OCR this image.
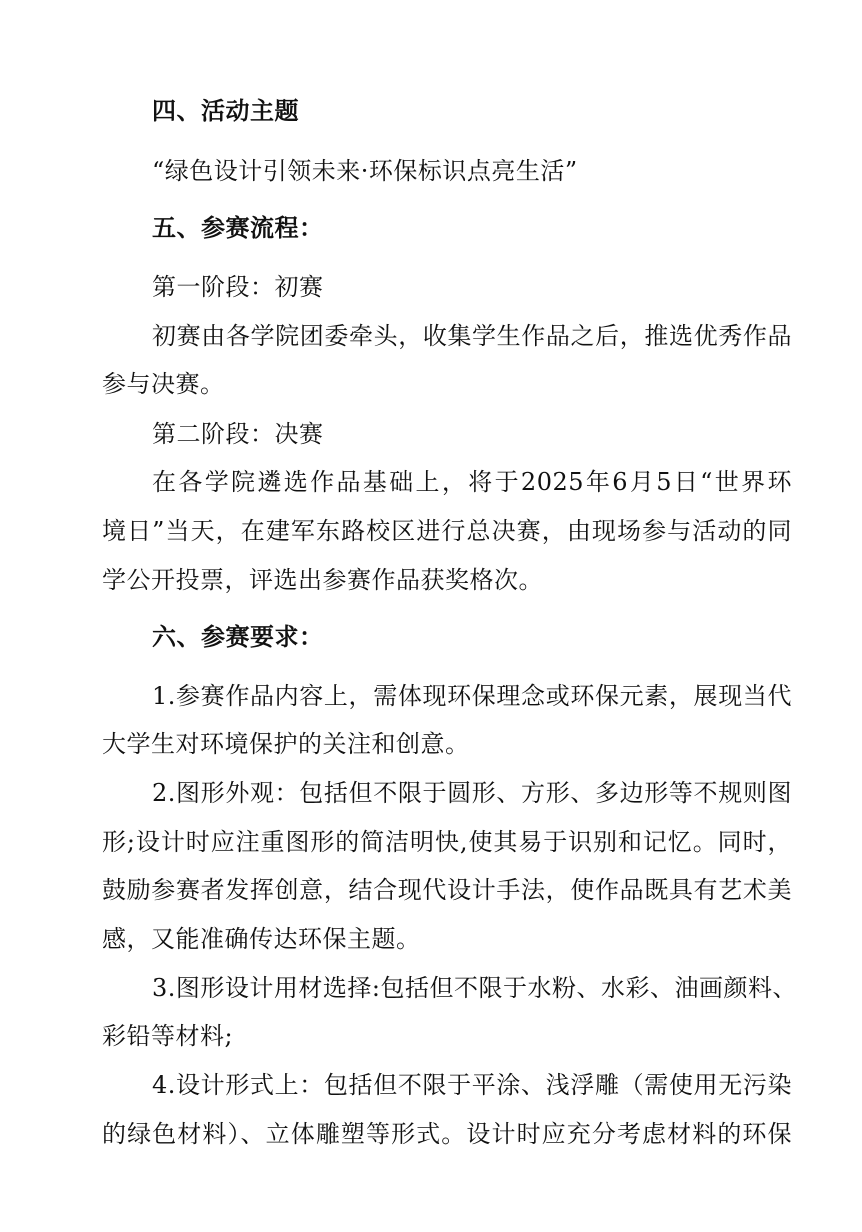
四、活动主题
“绿色设计引领未来·环保标识点亮生活”
五、参赛流程：
第一阶段：初赛
初赛由各学院团委牵头，收集学生作品之后，推选优秀作品
参与决赛。
第二阶段：决赛
在各学院遴选作品基础上，将于2025年6月5日“世界环
境日”当天，在建军东路校区进行总决赛，由现场参与活动的同
学公开投票，评选出参赛作品获奖格次。
六、参赛要求：
1.参赛作品内容上，需体现环保理念或环保元素，展现当代
大学生对环境保护的关注和创意。
2.图形外观：包括但不限于圆形、方形、多边形等不规则图
形;设计时应注重图形的简洁明快,使其易于识别和记忆。同时，
鼓励参赛者发挥创意，结合现代设计手法，使作品既具有艺术美
感，又能准确传达环保主题。
3.图形设计用材选择:包括但不限于水粉、水彩、油画颜料、
彩铅等材料;
4.设计形式上：包括但不限于平涂、浅浮雕（需使用无污染
的绿色材料）、立体雕塑等形式。设计时应充分考虑材料的环保
